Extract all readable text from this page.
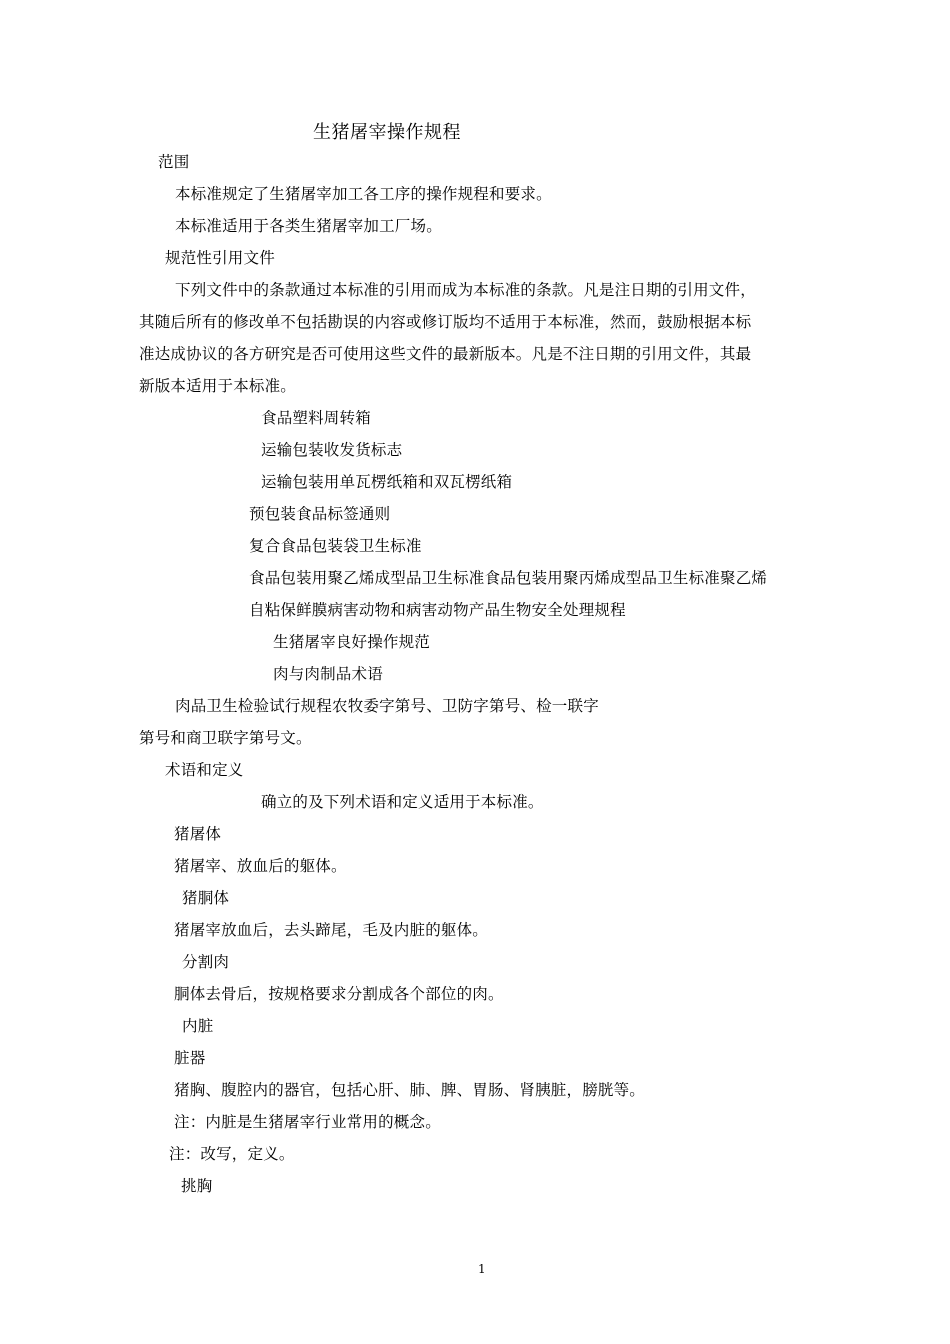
生猪屠宰操作规程
范围
本标准规定了生猪屠宰加工各工序的操作规程和要求。
本标准适用于各类生猪屠宰加工厂场。
规范性引用文件
下列文件中的条款通过本标准的引用而成为本标准的条款。凡是注日期的引用文件，
其随后所有的修改单不包括勘误的内容或修订版均不适用于本标准，然而，鼓励根据本标
准达成协议的各方研究是否可使用这些文件的最新版本。凡是不注日期的引用文件，其最
新版本适用于本标准。
食品塑料周转箱
运输包装收发货标志
运输包装用单瓦楞纸箱和双瓦楞纸箱
预包装食品标签通则
复合食品包装袋卫生标准
食品包装用聚乙烯成型品卫生标准食品包装用聚丙烯成型品卫生标准聚乙烯
自粘保鲜膜病害动物和病害动物产品生物安全处理规程
生猪屠宰良好操作规范
肉与肉制品术语
肉品卫生检验试行规程农牧委字第号、卫防字第号、检一联字
第号和商卫联字第号文。
术语和定义
确立的及下列术语和定义适用于本标准。
猪屠体
猪屠宰、放血后的躯体。
猪胴体
猪屠宰放血后，去头蹄尾，毛及内脏的躯体。
分割肉
胴体去骨后，按规格要求分割成各个部位的肉。
内脏
脏器
猪胸、腹腔内的器官，包括心肝、肺、脾、胃肠、肾胰脏，膀胱等。
注：内脏是生猪屠宰行业常用的概念。
注：改写，定义。
挑胸
1
